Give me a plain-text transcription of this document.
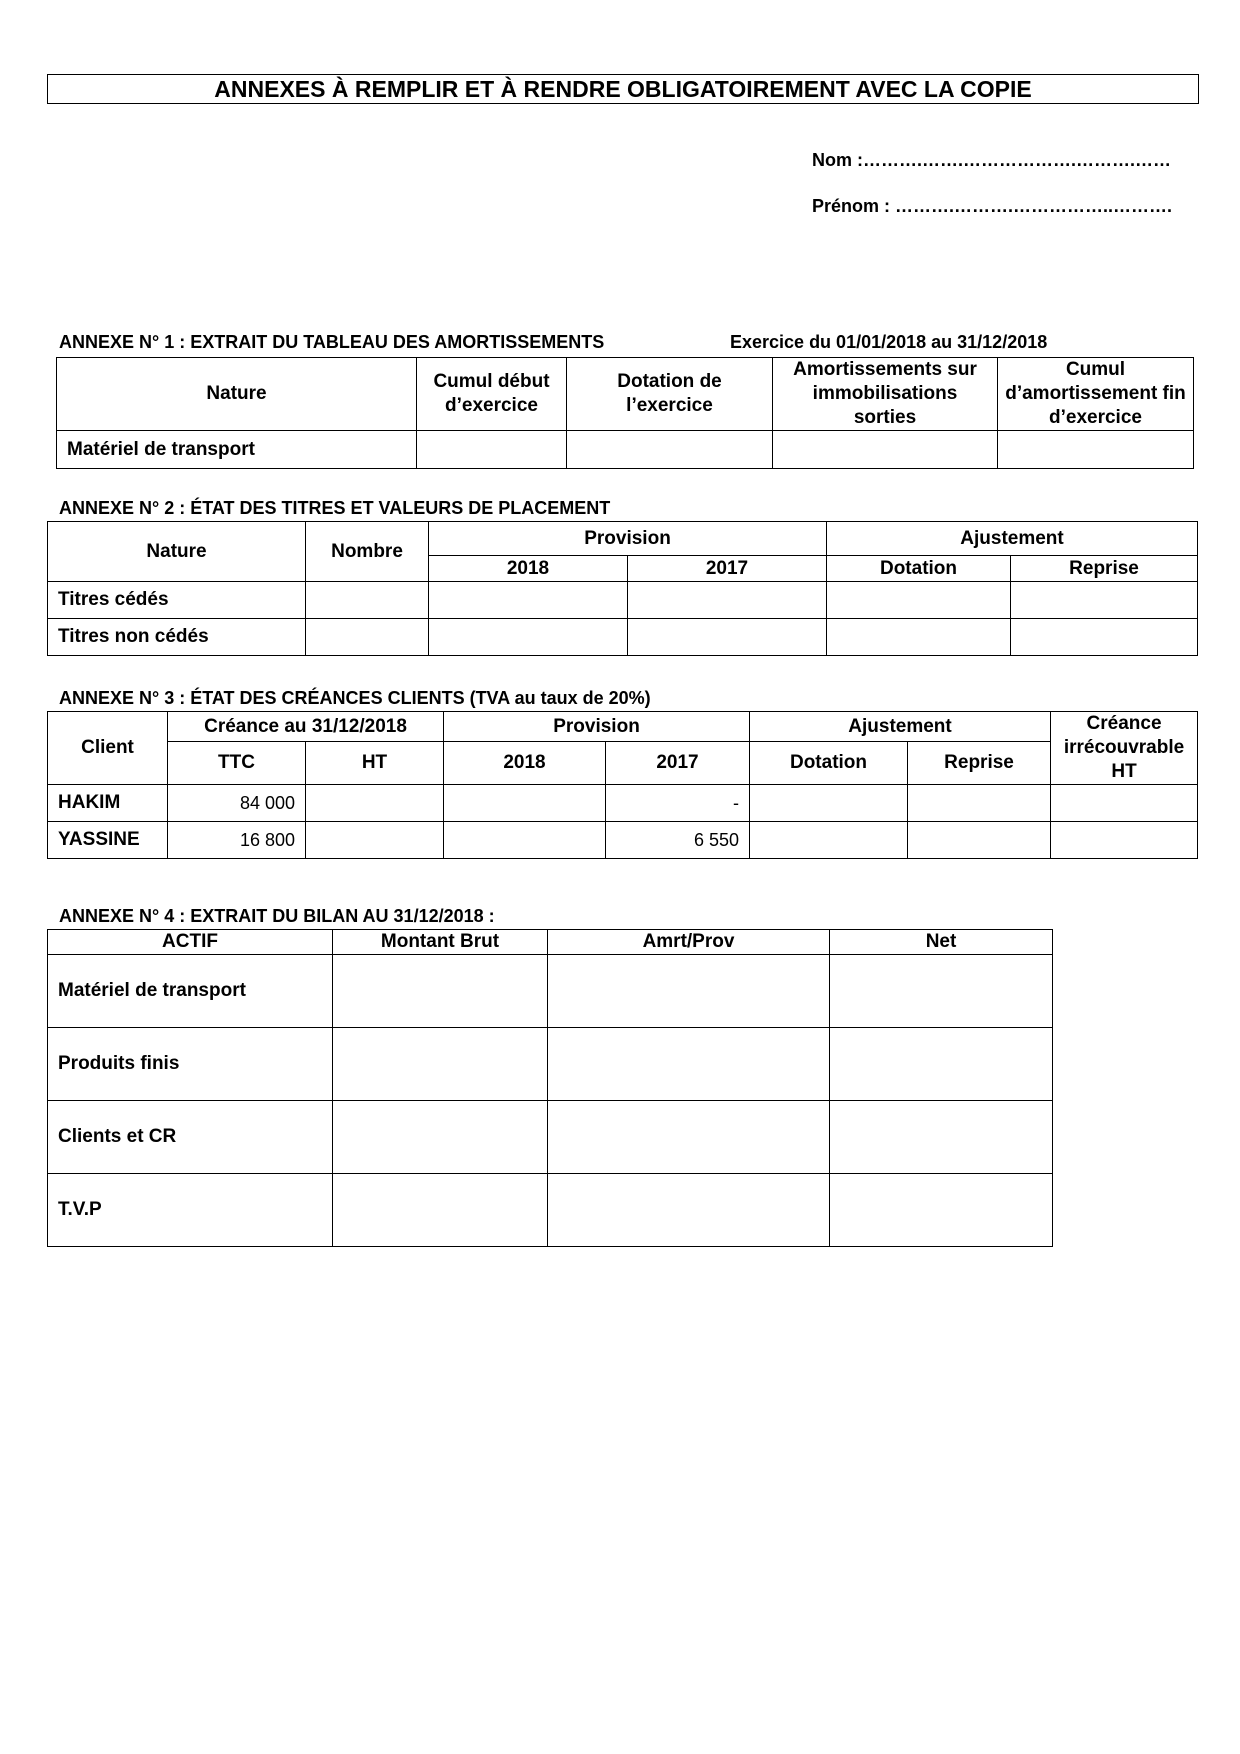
ANNEXES À REMPLIR ET À RENDRE OBLIGATOIREMENT AVEC LA COPIE
Nom :……….…….……………….……….……
Prénom : ……….……….……………..……….
ANNEXE N° 1 : EXTRAIT DU TABLEAU DES AMORTISSEMENTS	Exercice du 01/01/2018 au 31/12/2018
Nature	Cumul début d’exercice	Dotation de l’exercice	Amortissements sur immobilisations sorties	Cumul d’amortissement fin d’exercice
Matériel de transport				
ANNEXE N° 2 : ÉTAT DES TITRES ET VALEURS DE PLACEMENT
Nature	Nombre	Provision		Ajustement	
		2018	2017	Dotation	Reprise
Titres cédés					
Titres non cédés					
ANNEXE N° 3 : ÉTAT DES CRÉANCES CLIENTS (TVA au taux de 20%)
Client	Créance au 31/12/2018		Provision		Ajustement		Créance irrécouvrable HT
	TTC	HT	2018	2017	Dotation	Reprise	
HAKIM	84 000			-			
YASSINE	16 800			6 550			
ANNEXE N° 4 : EXTRAIT DU BILAN AU 31/12/2018 :
ACTIF	Montant Brut	Amrt/Prov	Net
Matériel de transport			
Produits finis			
Clients et CR			
T.V.P			
